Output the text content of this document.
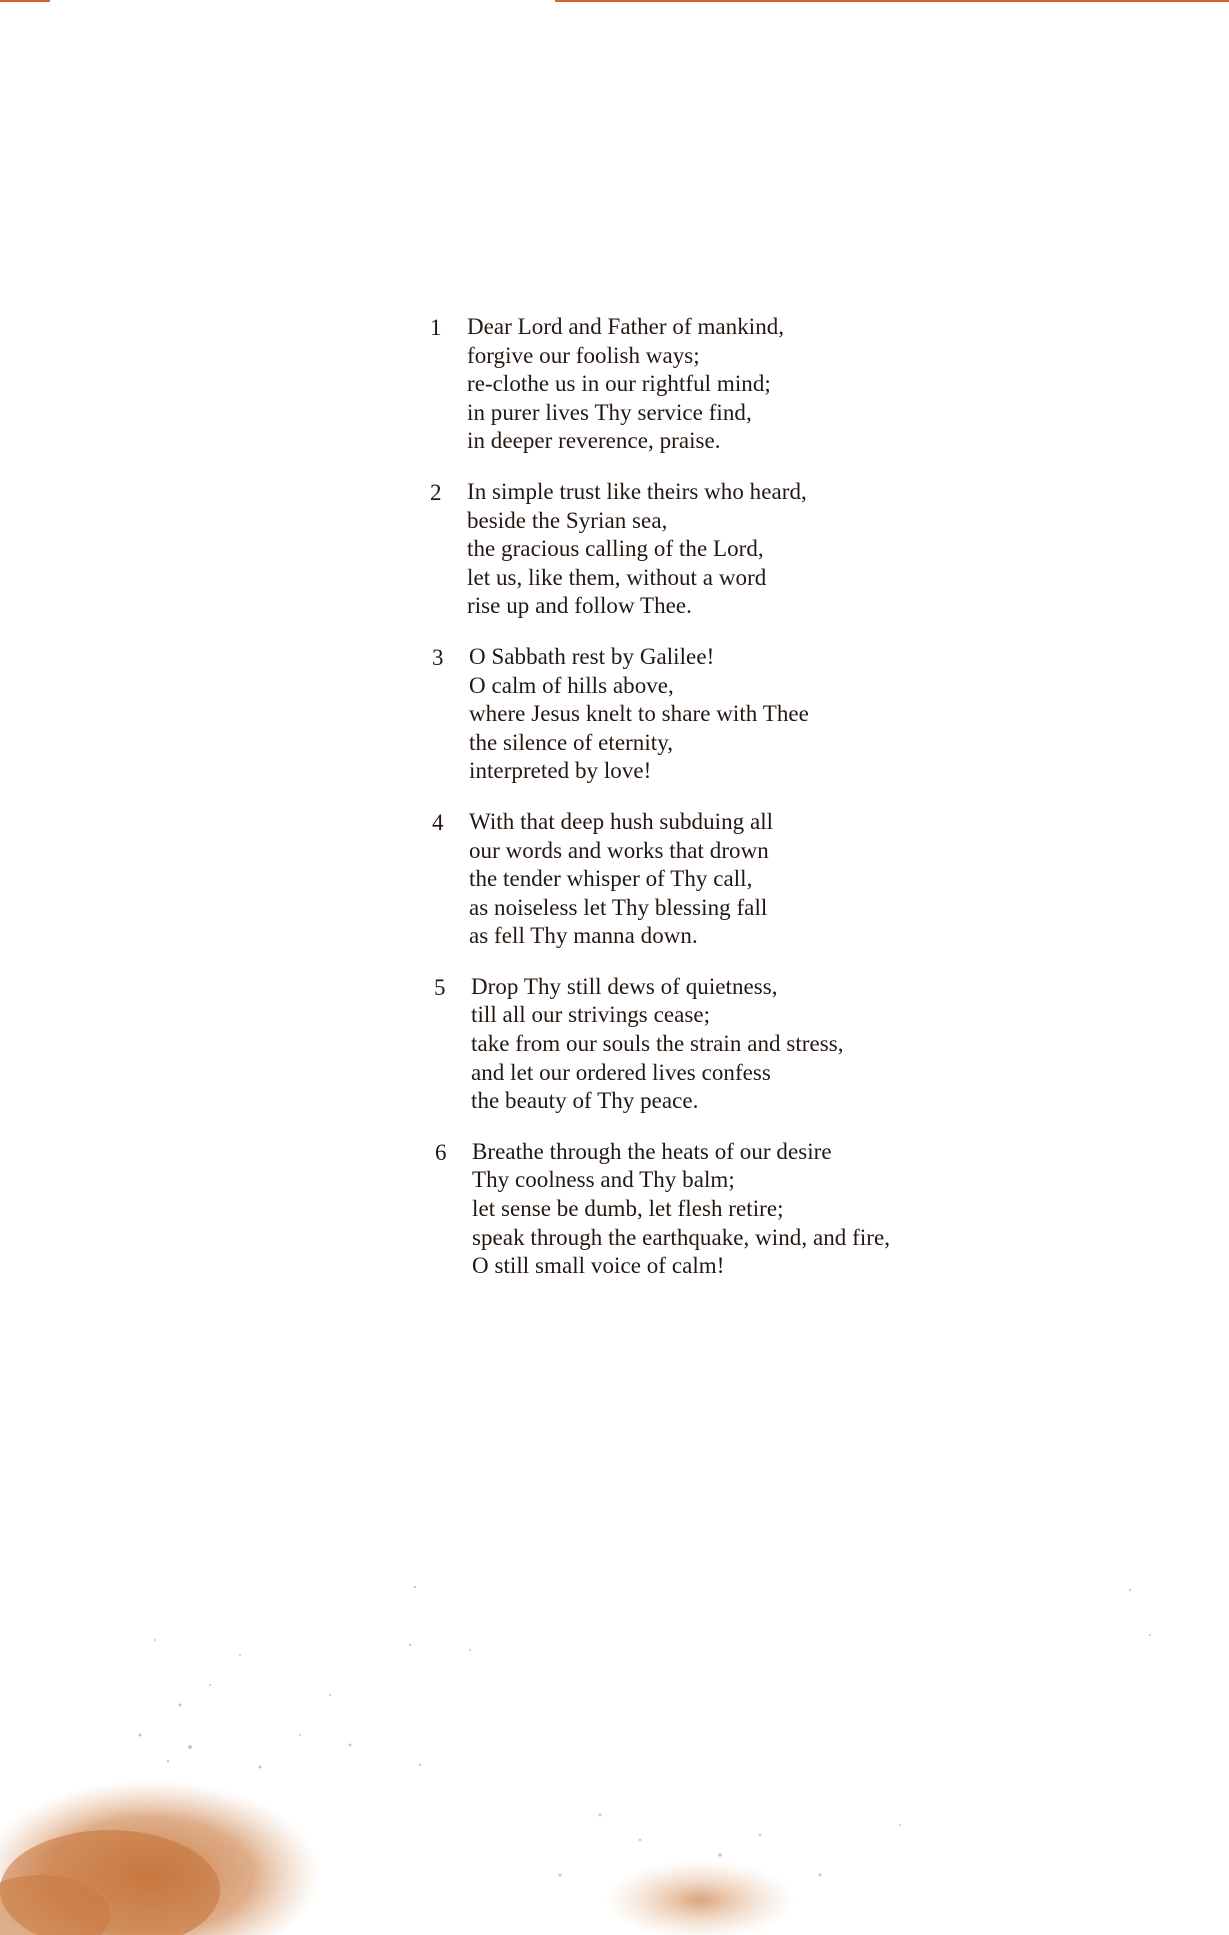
1	Dear Lord and Father of mankind,
forgive our foolish ways;
re-clothe us in our rightful mind;
in purer lives Thy service find,
in deeper reverence, praise.
2	In simple trust like theirs who heard,
beside the Syrian sea,
the gracious calling of the Lord,
let us, like them, without a word
rise up and follow Thee.
3	O Sabbath rest by Galilee!
O calm of hills above,
where Jesus knelt to share with Thee
the silence of eternity,
interpreted by love!
4	With that deep hush subduing all
our words and works that drown
the tender whisper of Thy call,
as noiseless let Thy blessing fall
as fell Thy manna down.
5	Drop Thy still dews of quietness,
till all our strivings cease;
take from our souls the strain and stress,
and let our ordered lives confess
the beauty of Thy peace.
6	Breathe through the heats of our desire
Thy coolness and Thy balm;
let sense be dumb, let flesh retire;
speak through the earthquake, wind, and fire,
O still small voice of calm!
